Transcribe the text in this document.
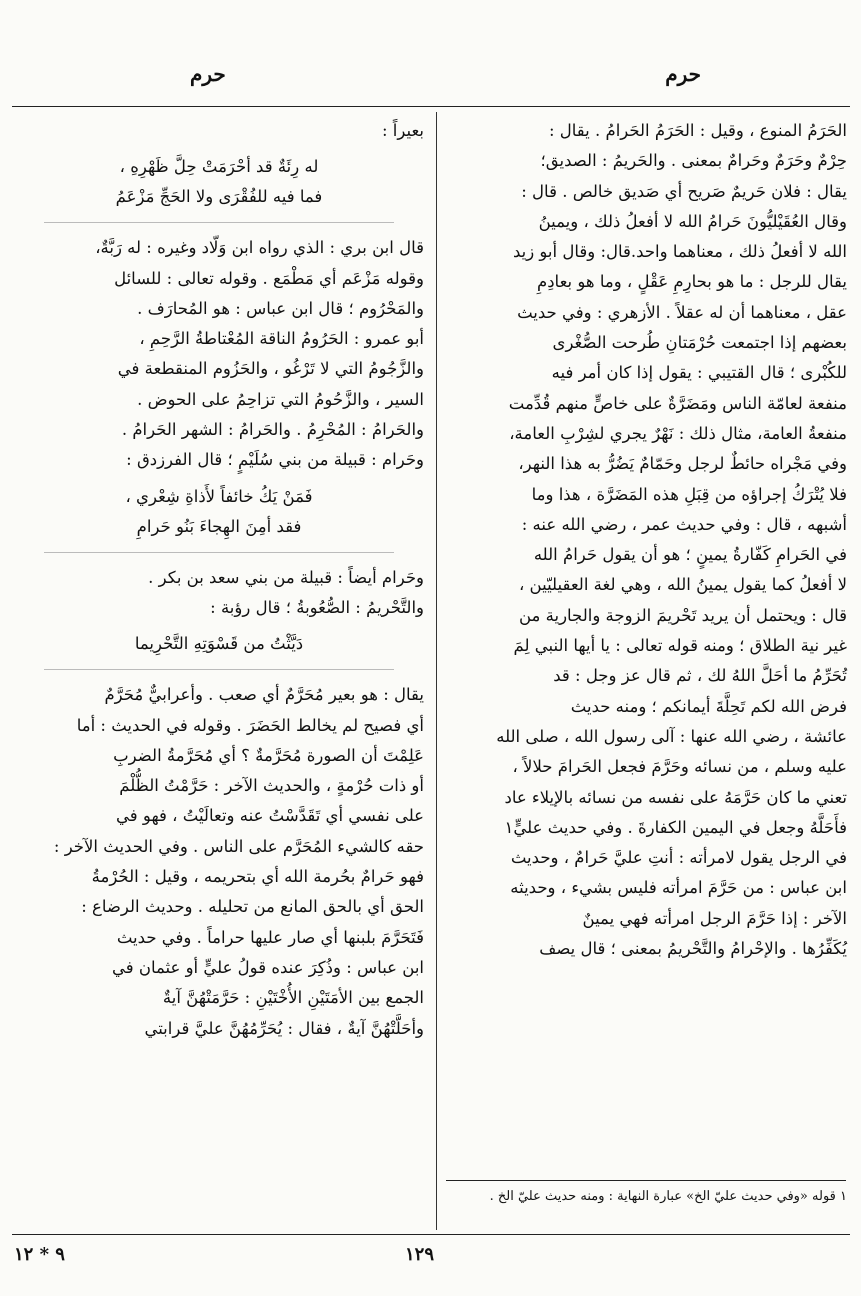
حرم
حرم

الحَرَمُ المنوع ، وقيل : الحَرَمُ الحَرامُ . يقال :

حِرْمٌ وحَرَمٌ وحَرامٌ بمعنى . والحَريمُ : الصديق؛

يقال : فلان حَريمٌ صَريح أي صَديق خالص . قال :

وقال العُقَيْليُّونَ حَرامُ الله لا أفعلُ ذلك ، ويمينُ

الله لا أفعلُ ذلك ، معناهما واحد.قال: وقال أبو زيد

يقال للرجل : ما هو بحارِمِ عَقْلٍ ، وما هو بعادِمِ

عقل ، معناهما أن له عقلاً . الأزهري : وفي حديث

بعضهم إذا اجتمعت حُرْمَتانِ طُرحت الصُّغْرى

للكُبْرى ؛ قال القتيبي : يقول إذا كان أمر فيه

منفعة لعامّة الناس ومَضَرَّةٌ على خاصٍّ منهم قُدِّمت

منفعةُ العامة، مثال ذلك : نَهْرٌ يجري لشِرْبِ العامة،

وفي مَجْراه حائطٌ لرجل وحَمّامٌ يَضُرُّ به هذا النهر،

فلا يُتْرَكُ إجراؤه من قِبَلِ هذه المَضَرَّة ، هذا وما

أشبهه ، قال : وفي حديث عمر ، رضي الله عنه :

في الحَرامِ كَفّارةُ يمينٍ ؛ هو أن يقول حَرامُ الله

لا أفعلُ كما يقول يمينُ الله ، وهي لغة العقيليّين ،

قال : ويحتمل أن يريد تَحْريمَ الزوجة والجارية من

غير نية الطلاق ؛ ومنه قوله تعالى : يا أيها النبي لِمَ

تُحَرِّمُ ما أحَلَّ اللهُ لك ، ثم قال عز وجل : قد

فرض الله لكم تَحِلَّةَ أيمانكم ؛ ومنه حديث

عائشة ، رضي الله عنها : آلى رسول الله ، صلى الله

عليه وسلم ، من نسائه وحَرَّمَ فجعل الحَرامَ حلالاً ،

تعني ما كان حَرَّمَهُ على نفسه من نسائه بالإيلاء عاد

فأَحَلَّهُ وجعل في اليمين الكفارةَ . وفي حديث عليٍّ١

في الرجل يقول لامرأته : أنتِ عليَّ حَرامٌ ، وحديث

ابن عباس : من حَرَّمَ امرأته فليس بشيء ، وحديثه

الآخر : إذا حَرَّمَ الرجل امرأته فهي يمينٌ

يُكَفِّرُها . والإحْرامُ والتَّحْريمُ بمعنى ؛ قال يصف

بعيراً :

له رِئَةٌ قد أحْرَمَتْ حِلَّ ظَهْرِهِ ،
فما فيه للفُقْرَى ولا الحَجِّ مَزْعَمُ

قال ابن بري : الذي رواه ابن وَلّاد وغيره : له رَبَّةٌ،

وقوله مَزْعَم أي مَطْمَع . وقوله تعالى : للسائل

والمَحْرُوم ؛ قال ابن عباس : هو المُحارَف .

أبو عمرو : الحَرُومُ الناقة المُعْتاطةُ الرَّحِمِ ،

والزَّجُومُ التي لا تَرْغُو ، والحَزُوم المنقطعة في

السير ، والزَّحُومُ التي تزاحِمُ على الحوض .

والحَرامُ : المُحْرِمُ . والحَرامُ : الشهر الحَرامُ .

وحَرام : قبيلة من بني سُلَيْمٍ ؛ قال الفرزدق :

فَمَنْ يَكُ خائفاً لأَذاةِ شِعْري ،
فقد أمِنَ الهِجاءَ بَنُو حَرامِ

وحَرام أيضاً : قبيلة من بني سعد بن بكر .

والتَّحْريمُ : الصُّعُوبةُ ؛ قال رؤبة :

دَيَّثْتُ من قَسْوَتِهِ التَّحْرِيما

يقال : هو بعير مُحَرَّمٌ أي صعب . وأعرابيٌّ مُحَرَّمٌ

أي فصيح لم يخالط الحَضَرَ . وقوله في الحديث : أما

عَلِمْتَ أن الصورة مُحَرَّمةٌ ؟ أي مُحَرَّمةُ الضربِ

أو ذات حُرْمةٍ ، والحديث الآخر : حَرَّمْتُ الظُّلْمَ

على نفسي أي تَقَدَّسْتُ عنه وتعالَيْتُ ، فهو في

حقه كالشيء المُحَرَّم على الناس . وفي الحديث الآخر :

فهو حَرامٌ بحُرمة الله أي بتحريمه ، وقيل : الحُرْمةُ

الحق أي بالحق المانع من تحليله . وحديث الرضاع :

فَتَحَرَّمَ بلبنها أي صار عليها حراماً . وفي حديث

ابن عباس : وذُكِرَ عنده قولُ عليٍّ أو عثمان في

الجمع بين الأمَتَيْنِ الأُخْتَيْنِ : حَرَّمَتْهُنَّ آيةٌ

وأحَلَّتْهُنَّ آيةٌ ، فقال : يُحَرِّمُهُنَّ عليَّ قرابتي

١ قوله «وفي حديث عليّ الخ» عبارة النهاية : ومنه حديث عليّ الخ .
١٢٩
٩ * ١٢
